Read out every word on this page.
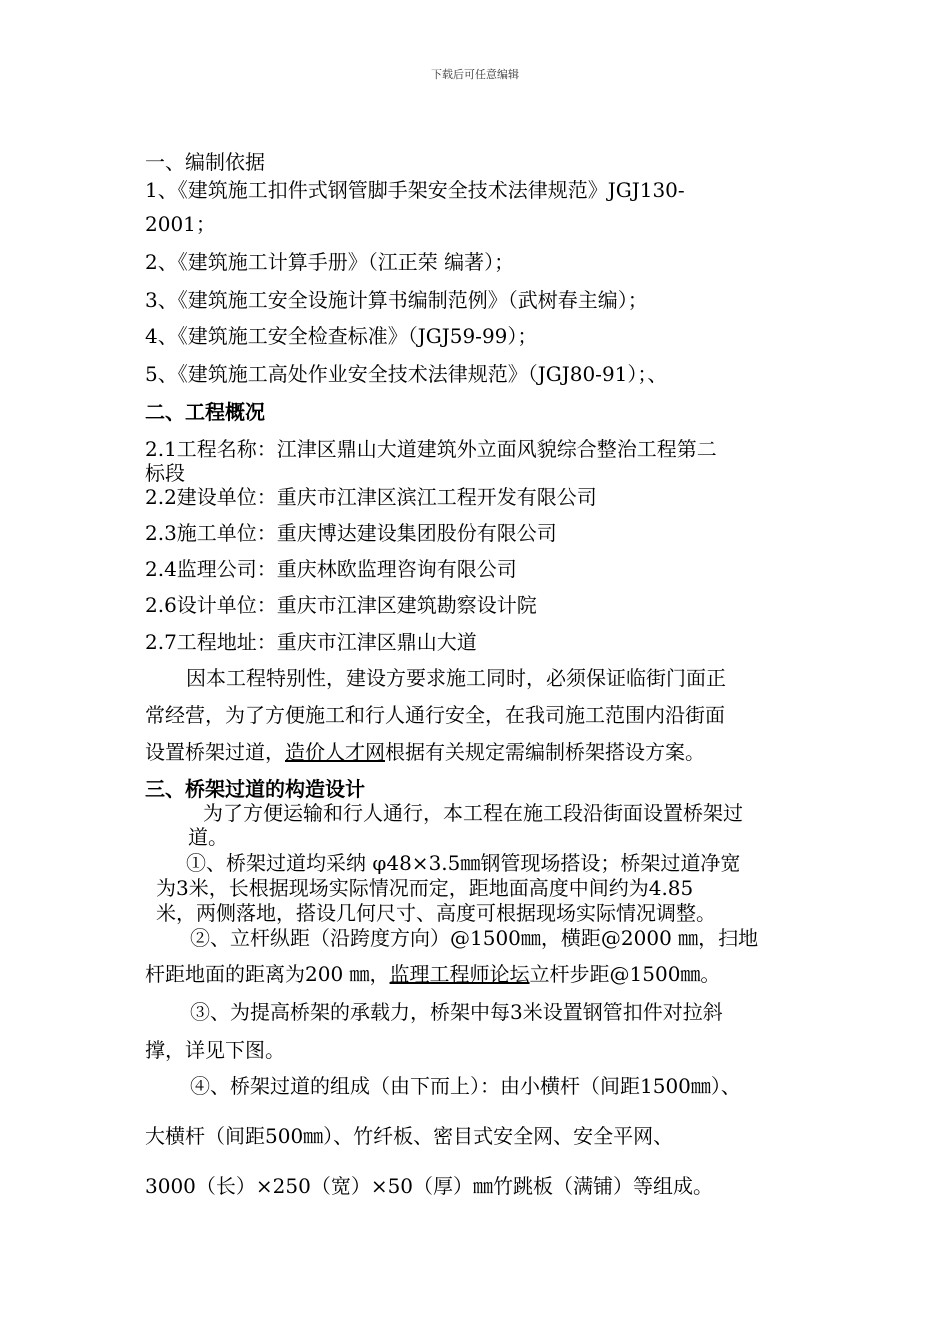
下载后可任意编辑
一、编制依据
1、《建筑施工扣件式钢管脚手架安全技术法律规范》JGJ130-
2001；
2、《建筑施工计算手册》（江正荣 编著）；
3、《建筑施工安全设施计算书编制范例》（武树春主编）；
4、《建筑施工安全检查标准》（JGJ59-99）；
5、《建筑施工高处作业安全技术法律规范》（JGJ80-91）；、
二、工程概况
2.1工程名称：江津区鼎山大道建筑外立面风貌综合整治工程第二
标段
2.2建设单位：重庆市江津区滨江工程开发有限公司
2.3施工单位：重庆博达建设集团股份有限公司
2.4监理公司：重庆林欧监理咨询有限公司
2.6设计单位：重庆市江津区建筑勘察设计院
2.7工程地址：重庆市江津区鼎山大道
因本工程特别性，建设方要求施工同时，必须保证临街门面正
常经营，为了方便施工和行人通行安全，在我司施工范围内沿街面
设置桥架过道，造价人才网根据有关规定需编制桥架搭设方案。
三、桥架过道的构造设计
为了方便运输和行人通行，本工程在施工段沿街面设置桥架过
道。
①、桥架过道均采纳 φ48×3.5㎜钢管现场搭设；桥架过道净宽
为3米，长根据现场实际情况而定，距地面高度中间约为4.85
米，两侧落地，搭设几何尺寸、高度可根据现场实际情况调整。
②、立杆纵距（沿跨度方向）@1500㎜，横距@2000 ㎜，扫地
杆距地面的距离为200 ㎜，监理工程师论坛立杆步距@1500㎜。
③、为提高桥架的承载力，桥架中每3米设置钢管扣件对拉斜
撑，详见下图。
④、桥架过道的组成（由下而上）：由小横杆（间距1500㎜）、
大横杆（间距500㎜）、竹纤板、密目式安全网、安全平网、
3000（长）×250（宽）×50（厚）㎜竹跳板（满铺）等组成。
